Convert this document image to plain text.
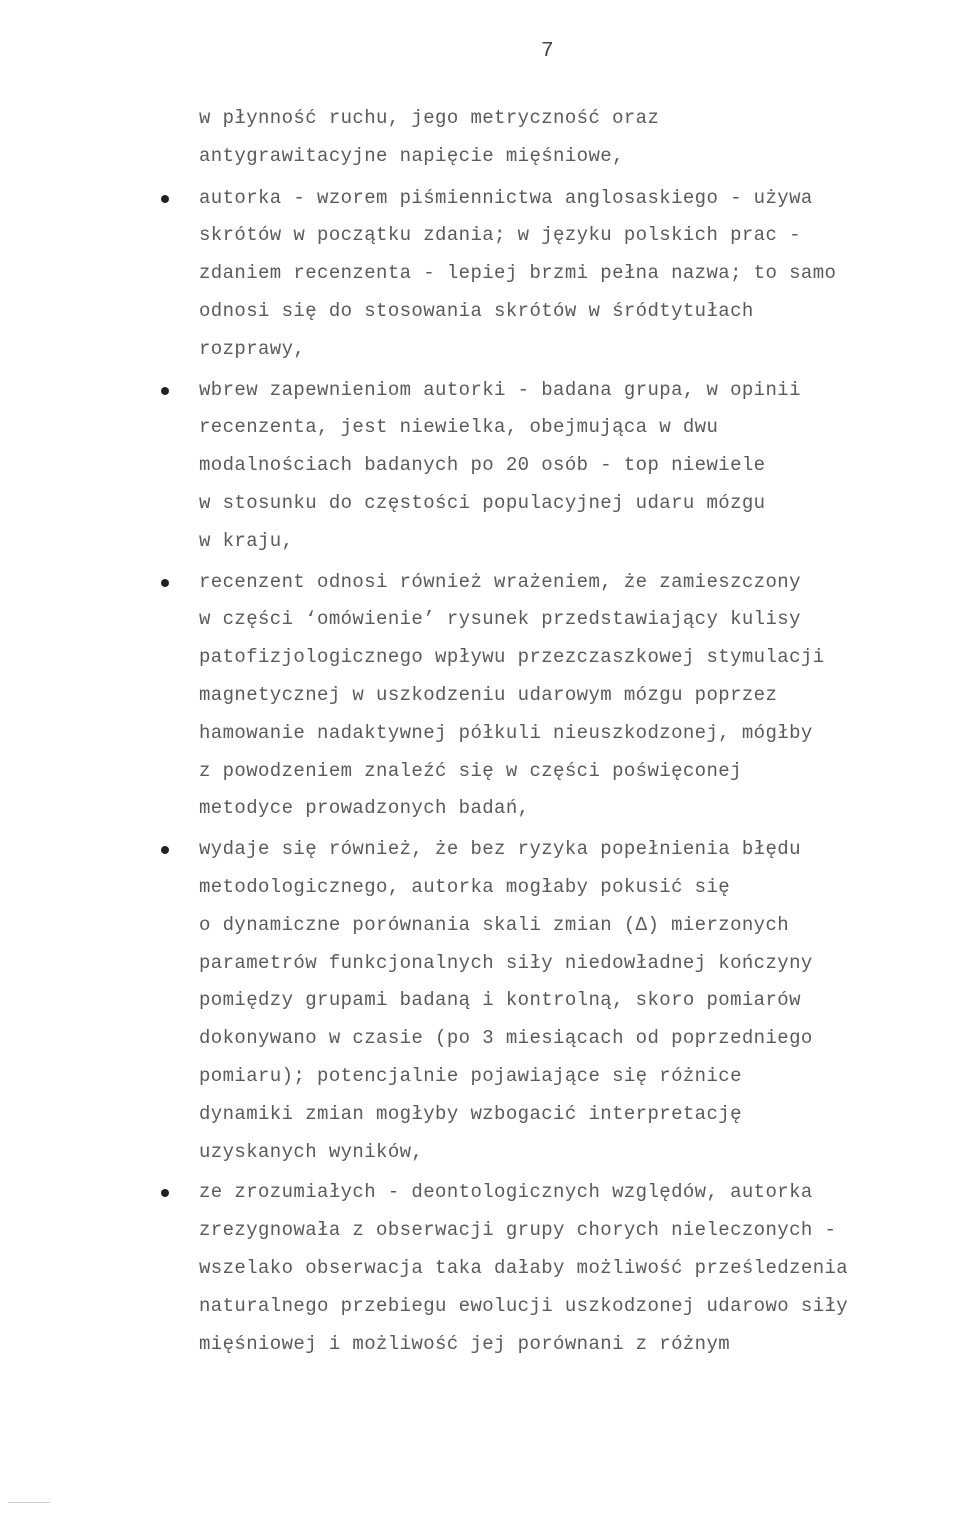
7
w płynność ruchu, jego metryczność oraz
antygrawitacyjne napięcie mięśniowe,
autorka - wzorem piśmiennictwa anglosaskiego - używa
skrótów w początku zdania; w języku polskich prac -
zdaniem recenzenta - lepiej brzmi pełna nazwa; to samo
odnosi się do stosowania skrótów w śródtytułach
rozprawy,
wbrew zapewnieniom autorki - badana grupa, w opinii
recenzenta, jest niewielka, obejmująca w dwu
modalnościach badanych po 20 osób - top niewiele
w stosunku do częstości populacyjnej udaru mózgu
w kraju,
recenzent odnosi również wrażeniem, że zamieszczony
w części ‘omówienie’ rysunek przedstawiający kulisy
patofizjologicznego wpływu przezczaszkowej stymulacji
magnetycznej w uszkodzeniu udarowym mózgu poprzez
hamowanie nadaktywnej półkuli nieuszkodzonej, mógłby
z powodzeniem znaleźć się w części poświęconej
metodyce prowadzonych badań,
wydaje się również, że bez ryzyka popełnienia błędu
metodologicznego, autorka mogłaby pokusić się
o dynamiczne porównania skali zmian (Δ) mierzonych
parametrów funkcjonalnych siły niedowładnej kończyny
pomiędzy grupami badaną i kontrolną, skoro pomiarów
dokonywano w czasie (po 3 miesiącach od poprzedniego
pomiaru); potencjalnie pojawiające się różnice
dynamiki zmian mogłyby wzbogacić interpretację
uzyskanych wyników,
ze zrozumiałych - deontologicznych względów, autorka
zrezygnowała z obserwacji grupy chorych nieleczonych -
wszelako obserwacja taka dałaby możliwość prześledzenia
naturalnego przebiegu ewolucji uszkodzonej udarowo siły
mięśniowej i możliwość jej porównani z różnym
